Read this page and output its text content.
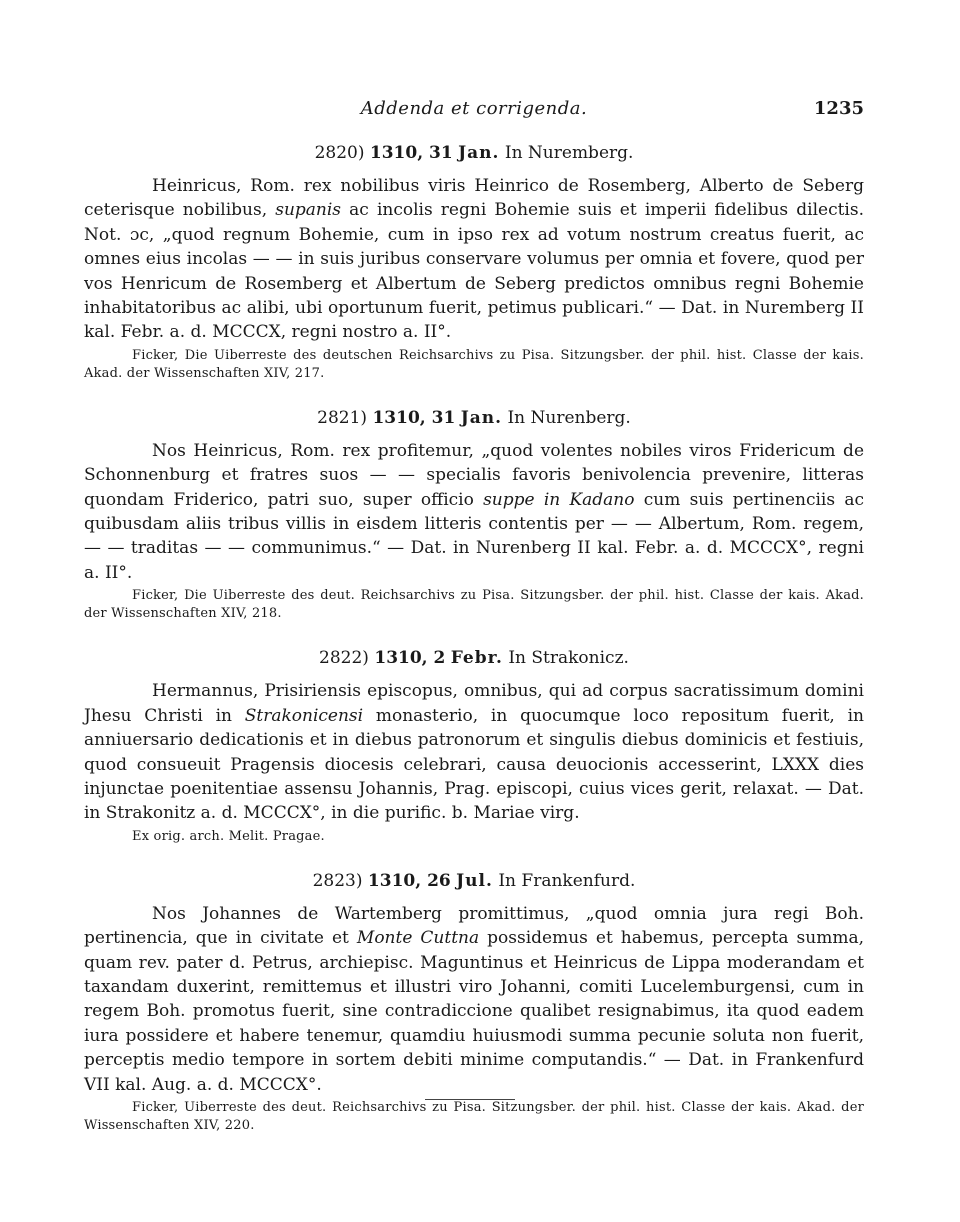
Addenda et corrigenda.	1235
2820) 1310, 31 Jan. In Nuremberg.

Heinricus, Rom. rex nobilibus viris Heinrico de Rosemberg, Alberto de Seberg ceterisque nobilibus, supanis ac incolis regni Bohemie suis et imperii fidelibus dilectis. Not. ɔc, „quod regnum Bohemie, cum in ipso rex ad votum nostrum creatus fuerit, ac omnes eius incolas — — in suis juribus conservare volumus per omnia et fovere, quod per vos Henricum de Rosemberg et Albertum de Seberg predictos omnibus regni Bohemie inhabitatoribus ac alibi, ubi oportunum fuerit, petimus publicari.“ — Dat. in Nuremberg II kal. Febr. a. d. MCCCX, regni nostro a. II°.

Ficker, Die Uiberreste des deutschen Reichsarchivs zu Pisa. Sitzungsber. der phil. hist. Classe der kais. Akad. der Wissenschaften XIV, 217.

2821) 1310, 31 Jan. In Nurenberg.

Nos Heinricus, Rom. rex profitemur, „quod volentes nobiles viros Fridericum de Schonnenburg et fratres suos — — specialis favoris benivolencia prevenire, litteras quondam Friderico, patri suo, super officio suppe in Kadano cum suis pertinenciis ac quibusdam aliis tribus villis in eisdem litteris contentis per — — Albertum, Rom. regem, — — traditas — — communimus.“ — Dat. in Nurenberg II kal. Febr. a. d. MCCCX°, regni a. II°.

Ficker, Die Uiberreste des deut. Reichsarchivs zu Pisa. Sitzungsber. der phil. hist. Classe der kais. Akad. der Wissenschaften XIV, 218.

2822) 1310, 2 Febr. In Strakonicz.

Hermannus, Prisiriensis episcopus, omnibus, qui ad corpus sacratissimum domini Jhesu Christi in Strakonicensi monasterio, in quocumque loco repositum fuerit, in anniuersario dedicationis et in diebus patronorum et singulis diebus dominicis et festiuis, quod consueuit Pragensis diocesis celebrari, causa deuocionis accesserint, LXXX dies injunctae poenitentiae assensu Johannis, Prag. episcopi, cuius vices gerit, relaxat. — Dat. in Strakonitz a. d. MCCCX°, in die purific. b. Mariae virg.

Ex orig. arch. Melit. Pragae.

2823) 1310, 26 Jul. In Frankenfurd.

Nos Johannes de Wartemberg promittimus, „quod omnia jura regi Boh. pertinencia, que in civitate et Monte Cuttna possidemus et habemus, percepta summa, quam rev. pater d. Petrus, archiepisc. Maguntinus et Heinricus de Lippa moderandam et taxandam duxerint, remittemus et illustri viro Johanni, comiti Lucelemburgensi, cum in regem Boh. promotus fuerit, sine contradiccione qualibet resignabimus, ita quod eadem iura possidere et habere tenemur, quamdiu huiusmodi summa pecunie soluta non fuerit, perceptis medio tempore in sortem debiti minime computandis.“ — Dat. in Frankenfurd VII kal. Aug. a. d. MCCCX°.

Ficker, Uiberreste des deut. Reichsarchivs zu Pisa. Sitzungsber. der phil. hist. Classe der kais. Akad. der Wissenschaften XIV, 220.
